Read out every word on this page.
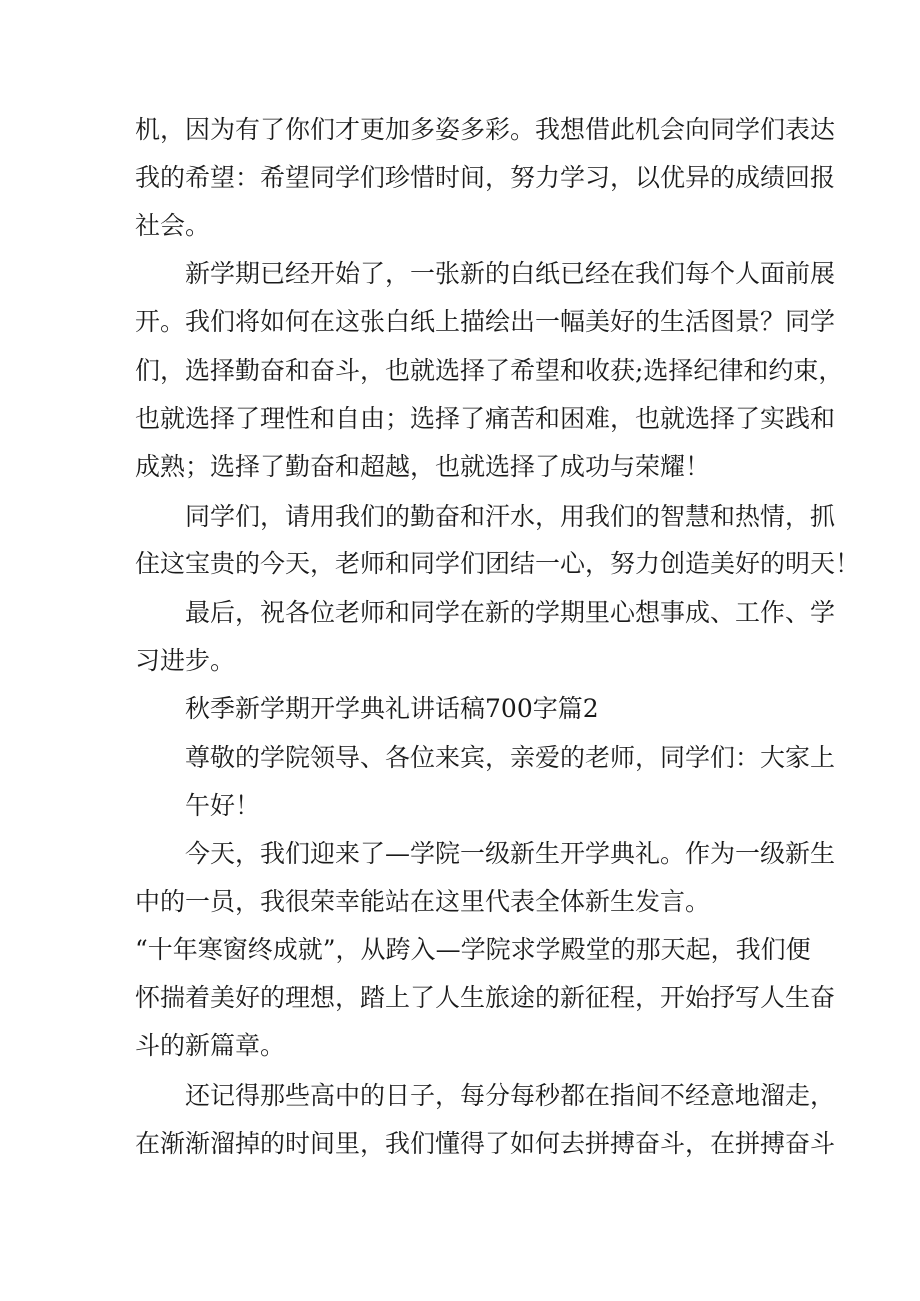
机，因为有了你们才更加多姿多彩。我想借此机会向同学们表达
我的希望：希望同学们珍惜时间，努力学习，以优异的成绩回报
社会。
新学期已经开始了，一张新的白纸已经在我们每个人面前展
开。我们将如何在这张白纸上描绘出一幅美好的生活图景？同学
们，选择勤奋和奋斗，也就选择了希望和收获;选择纪律和约束，
也就选择了理性和自由；选择了痛苦和困难，也就选择了实践和
成熟；选择了勤奋和超越，也就选择了成功与荣耀！
同学们，请用我们的勤奋和汗水，用我们的智慧和热情，抓
住这宝贵的今天，老师和同学们团结一心，努力创造美好的明天！
最后，祝各位老师和同学在新的学期里心想事成、工作、学
习进步。
秋季新学期开学典礼讲话稿700字篇2
尊敬的学院领导、各位来宾，亲爱的老师，同学们：大家上
午好！
今天，我们迎来了—学院一级新生开学典礼。作为一级新生
中的一员，我很荣幸能站在这里代表全体新生发言。
“十年寒窗终成就”，从跨入—学院求学殿堂的那天起，我们便
怀揣着美好的理想，踏上了人生旅途的新征程，开始抒写人生奋
斗的新篇章。
还记得那些高中的日子，每分每秒都在指间不经意地溜走，
在渐渐溜掉的时间里，我们懂得了如何去拼搏奋斗，在拼搏奋斗
